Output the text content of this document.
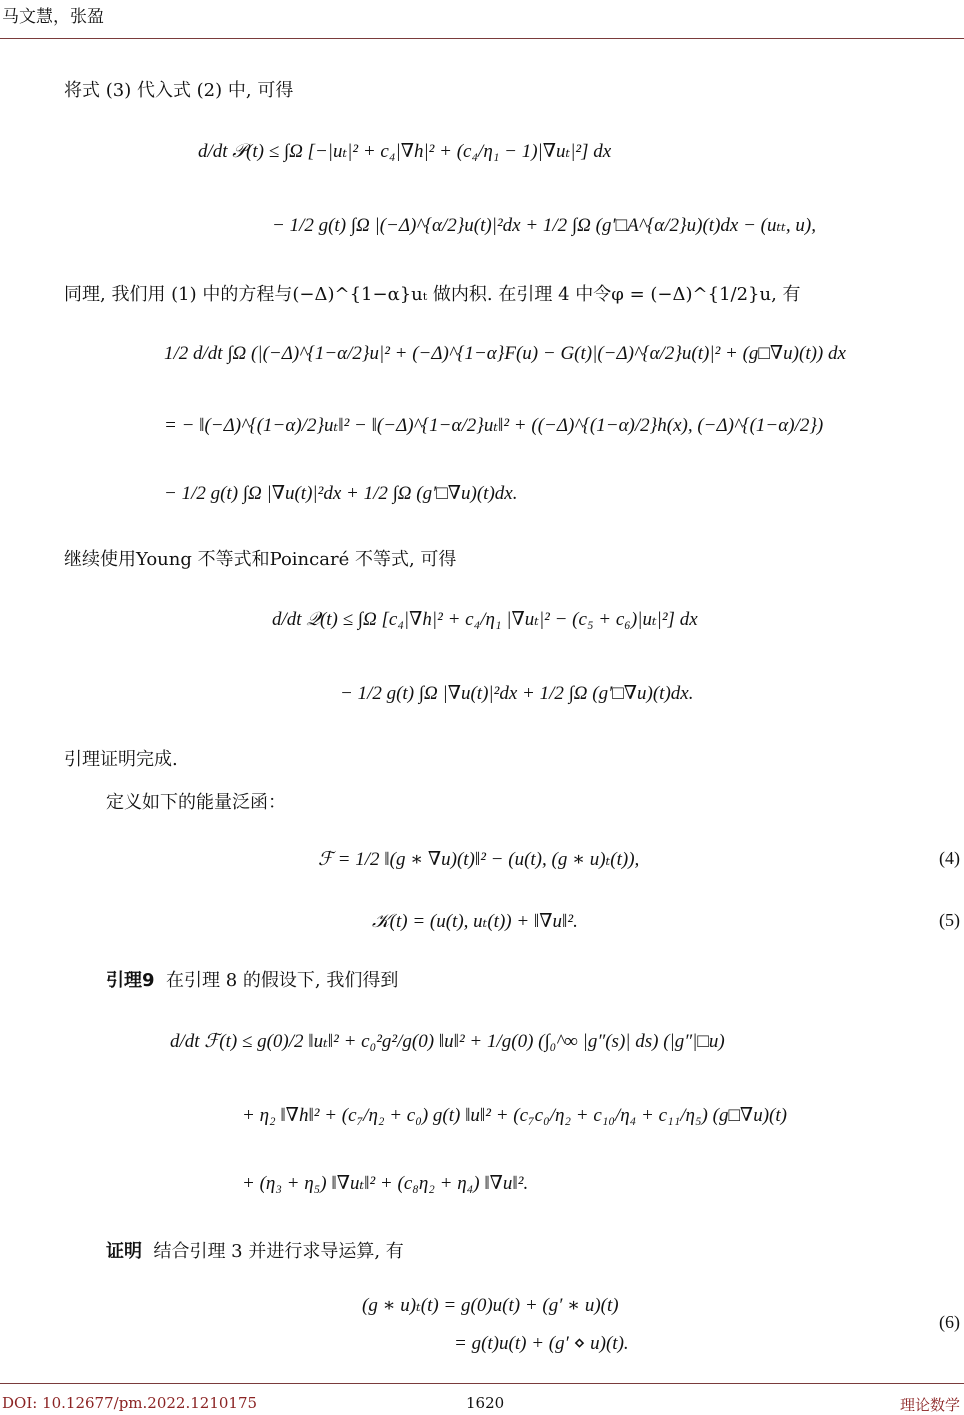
马文慧，张盈
将式 (3) 代入式 (2) 中, 可得
d/dt 𝒫(t) ≤ ∫Ω [−|uₜ|² + c₄|∇h|² + (c₄/η₁ − 1)|∇uₜ|²] dx
− 1/2 g(t) ∫Ω |(−Δ)^{α/2}u(t)|²dx + 1/2 ∫Ω (g′□A^{α/2}u)(t)dx − (uₜₜ, u),
同理, 我们用 (1) 中的方程与(−Δ)^{1−α}uₜ 做内积. 在引理 4 中令φ = (−Δ)^{1/2}u, 有
1/2 d/dt ∫Ω (|(−Δ)^{1−α/2}u|² + (−Δ)^{1−α}F(u) − G(t)|(−Δ)^{α/2}u(t)|² + (g□∇u)(t)) dx
= − ‖(−Δ)^{(1−α)/2}uₜ‖² − ‖(−Δ)^{1−α/2}uₜ‖² + ((−Δ)^{(1−α)/2}h(x), (−Δ)^{(1−α)/2})
− 1/2 g(t) ∫Ω |∇u(t)|²dx + 1/2 ∫Ω (g′□∇u)(t)dx.
继续使用Young 不等式和Poincaré 不等式, 可得
d/dt 𝒬(t) ≤ ∫Ω [c₄|∇h|² + c₄/η₁ |∇uₜ|² − (c₅ + c₆)|uₜ|²] dx
− 1/2 g(t) ∫Ω |∇u(t)|²dx + 1/2 ∫Ω (g′□∇u)(t)dx.
引理证明完成.
定义如下的能量泛函：
ℱ = 1/2 ‖(g ∗ ∇u)(t)‖² − (u(t), (g ∗ u)ₜ(t)),	(4)
𝒦(t) = (u(t), uₜ(t)) + ‖∇u‖².	(5)
引理9 在引理 8 的假设下, 我们得到
d/dt ℱ(t) ≤ g(0)/2 ‖uₜ‖² + c₀²g²/g(0) ‖u‖² + 1/g(0) (∫₀^∞ |g″(s)| ds) (|g″|□u)
+ η₂ ‖∇h‖² + (c₇/η₂ + c₀) g(t) ‖u‖² + (c₇c₀/η₂ + c₁₀/η₄ + c₁₁/η₅) (g□∇u)(t)
+ (η₃ + η₅) ‖∇uₜ‖² + (c₈η₂ + η₄) ‖∇u‖².
证明 结合引理 3 并进行求导运算, 有
(g ∗ u)ₜ(t) = g(0)u(t) + (g′ ∗ u)(t)
= g(t)u(t) + (g′ ⋄ u)(t).
(6)
DOI: 10.12677/pm.2022.1210175	1620	理论数学
